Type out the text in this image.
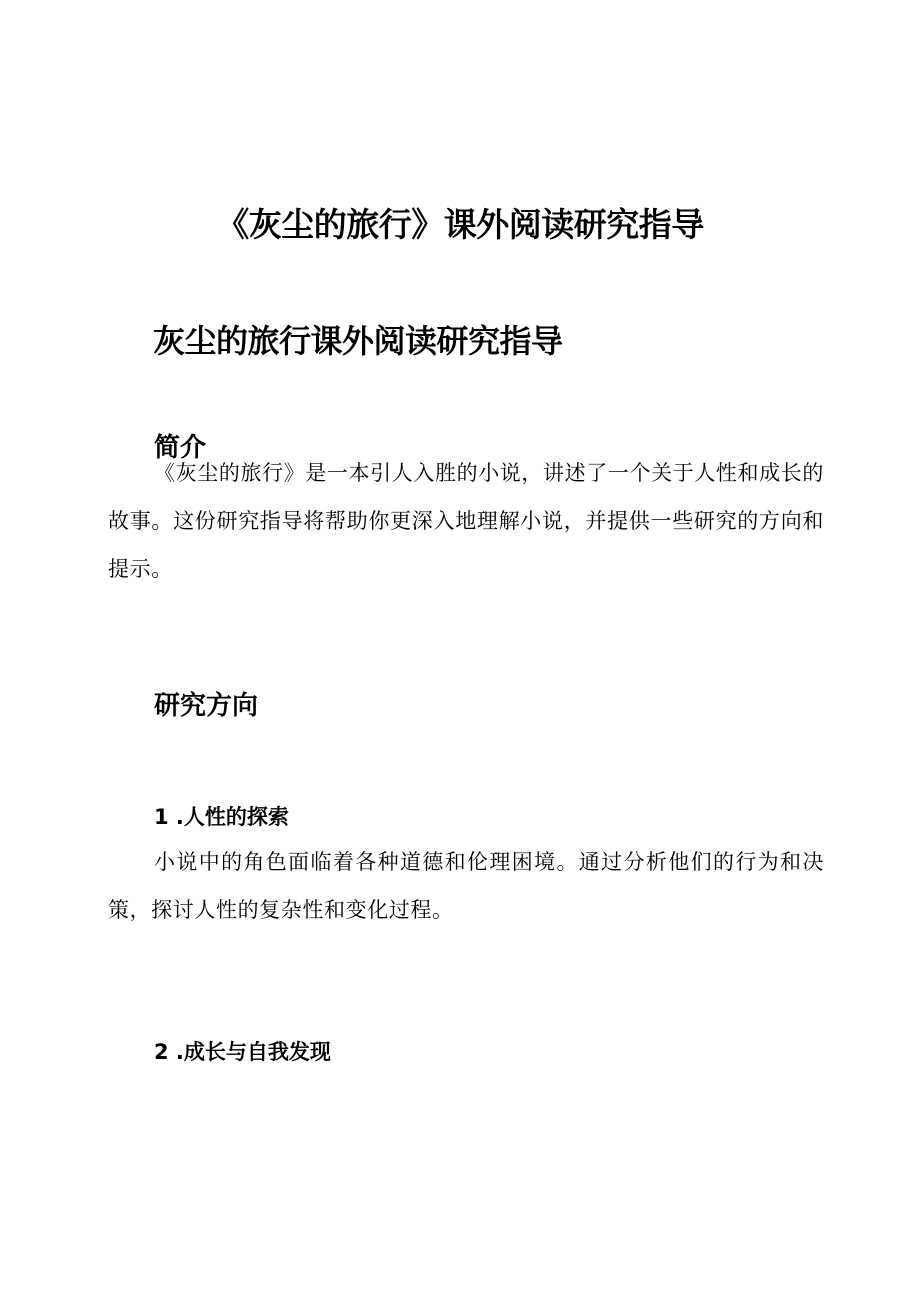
《灰尘的旅行》课外阅读研究指导
灰尘的旅行课外阅读研究指导
简介

《灰尘的旅行》是一本引人入胜的小说，讲述了一个关于人性和成长的故事。这份研究指导将帮助你更深入地理解小说，并提供一些研究的方向和提示。

研究方向
1 .人性的探索

小说中的角色面临着各种道德和伦理困境。通过分析他们的行为和决策，探讨人性的复杂性和变化过程。

2 .成长与自我发现
